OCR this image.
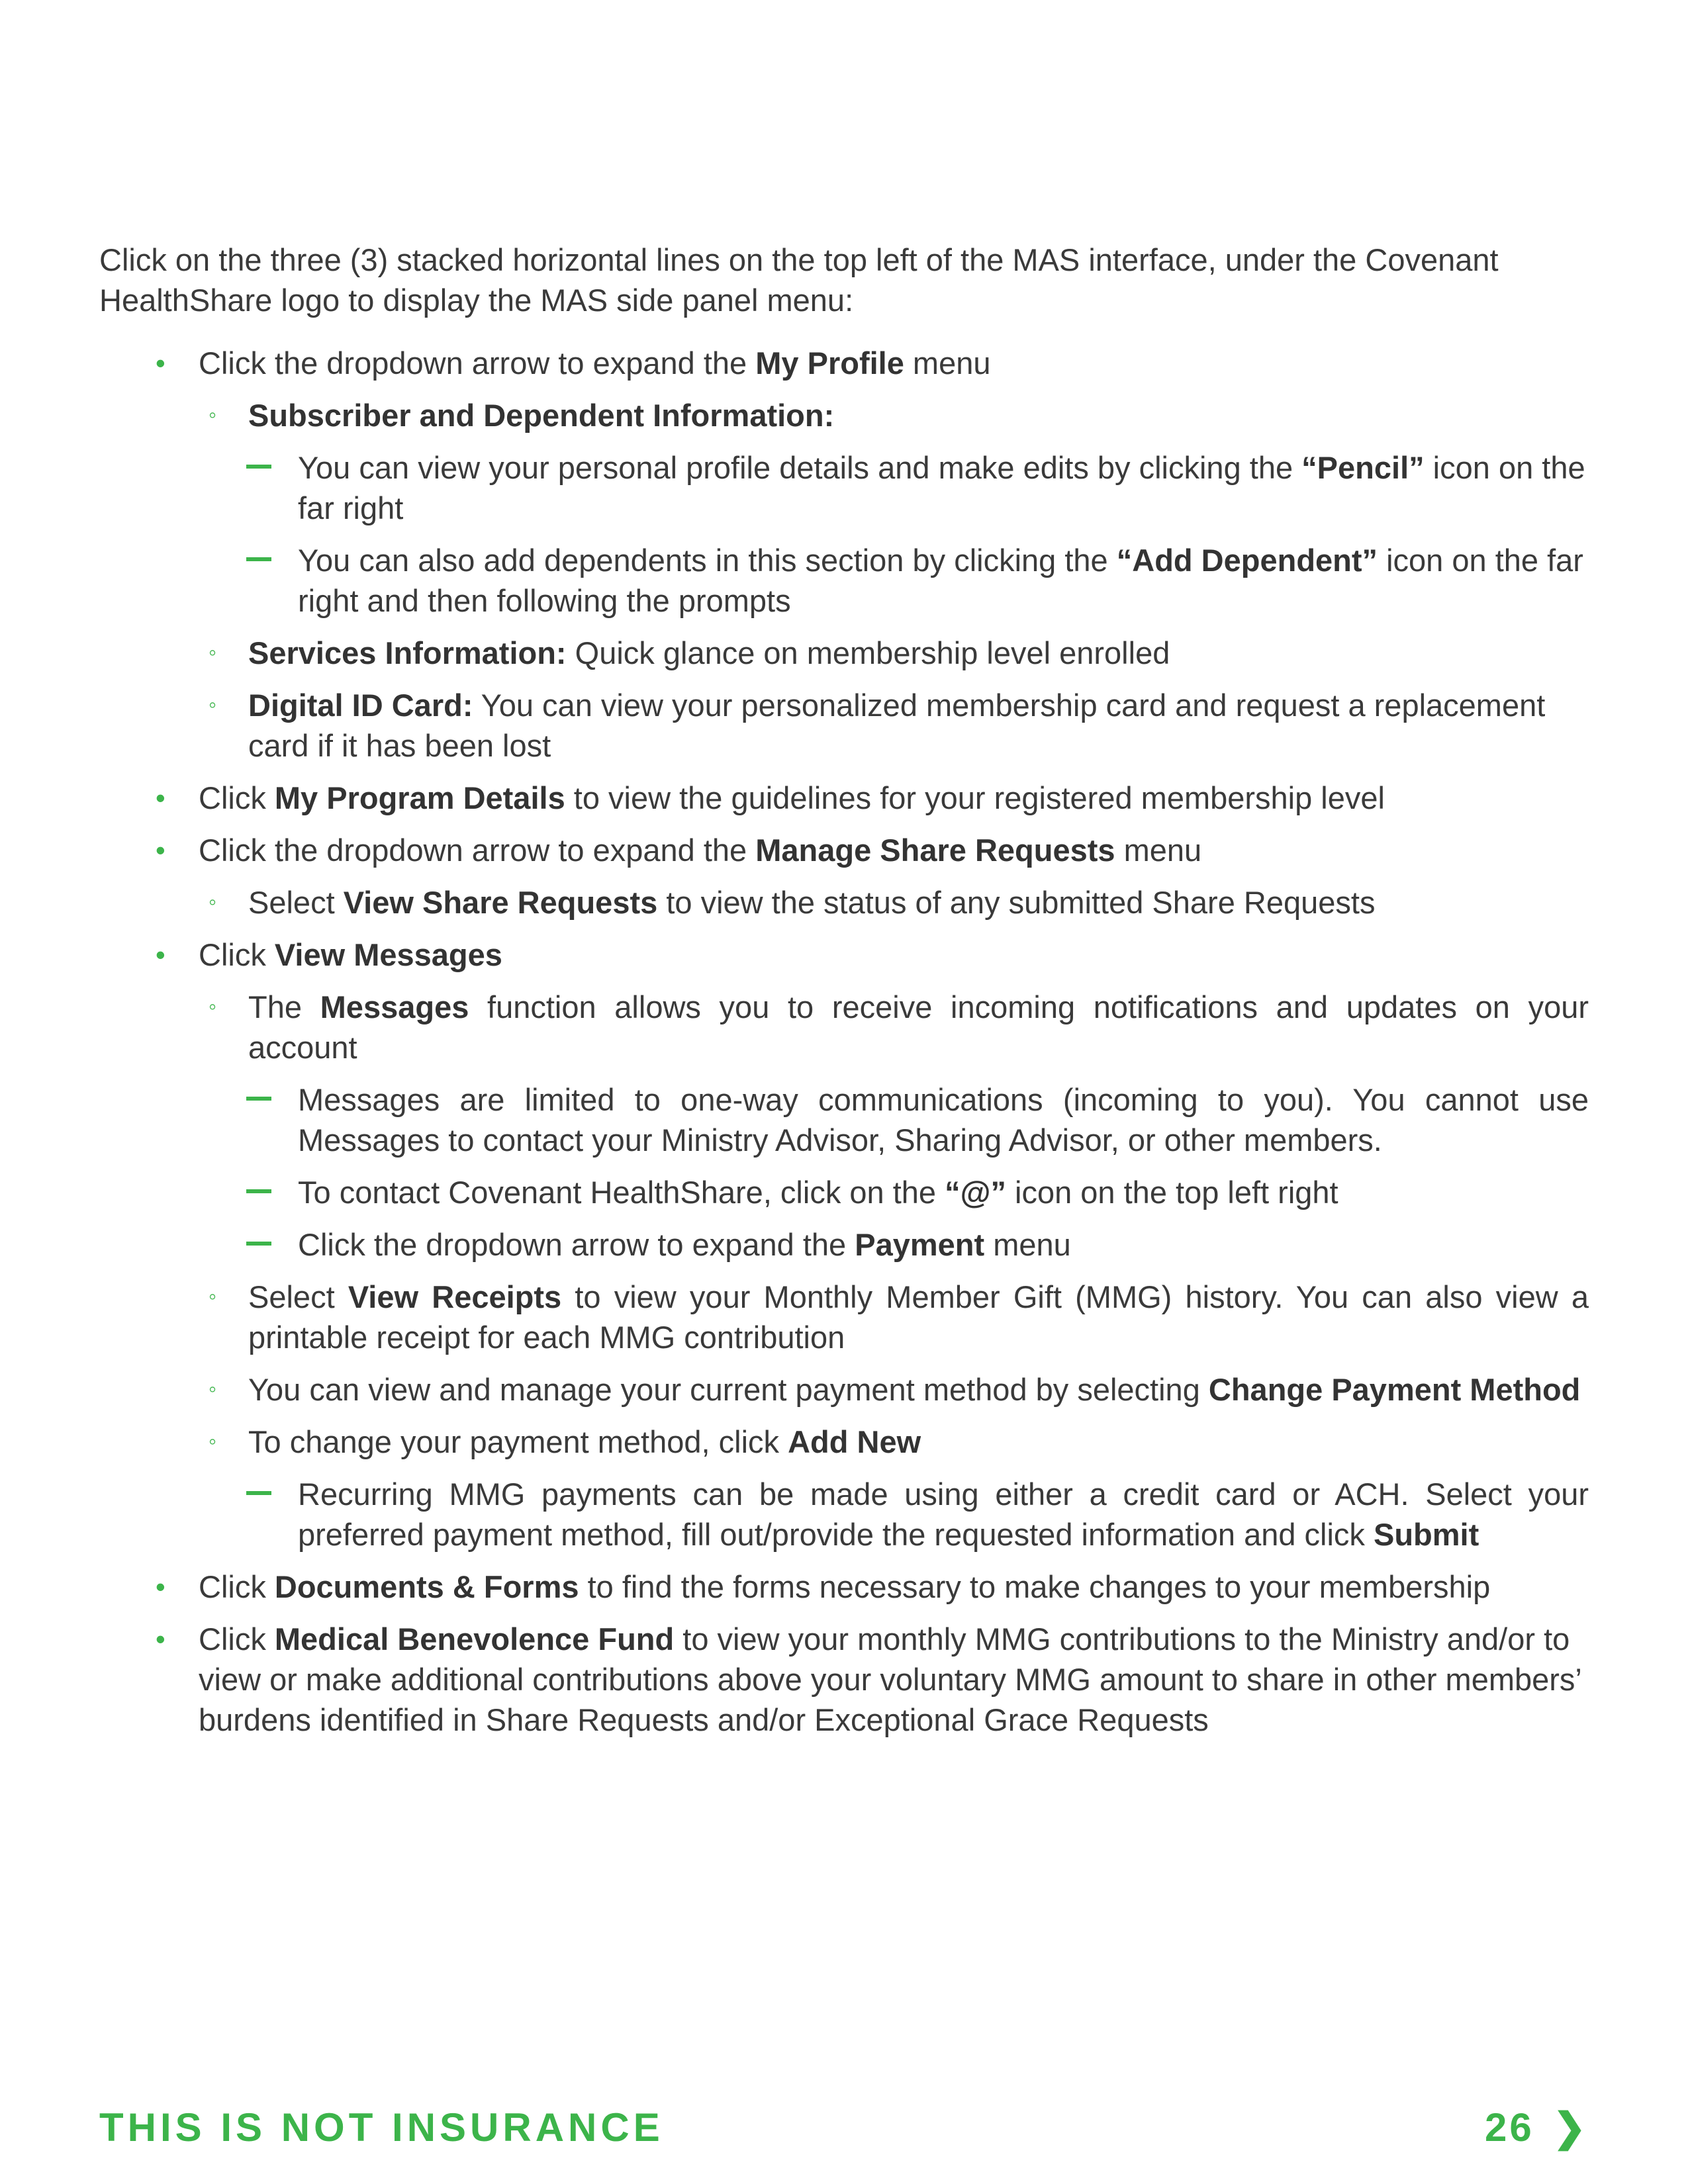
Click on the three (3) stacked horizontal lines on the top left of the MAS interface, under the Covenant HealthShare logo to display the MAS side panel menu:

• Click the dropdown arrow to expand the My Profile menu
◦ Subscriber and Dependent Information:
You can view your personal profile details and make edits by clicking the “Pencil” icon on the far right
You can also add dependents in this section by clicking the “Add Dependent” icon on the far right and then following the prompts
◦ Services Information: Quick glance on membership level enrolled
◦ Digital ID Card: You can view your personalized membership card and request a replacement card if it has been lost
• Click My Program Details to view the guidelines for your registered membership level
• Click the dropdown arrow to expand the Manage Share Requests menu
◦ Select View Share Requests to view the status of any submitted Share Requests
• Click View Messages
◦ The Messages function allows you to receive incoming notifications and updates on your account
Messages are limited to one-way communications (incoming to you). You cannot use Messages to contact your Ministry Advisor, Sharing Advisor, or other members.
To contact Covenant HealthShare, click on the “@” icon on the top left right
Click the dropdown arrow to expand the Payment menu
◦ Select View Receipts to view your Monthly Member Gift (MMG) history. You can also view a printable receipt for each MMG contribution
◦ You can view and manage your current payment method by selecting Change Payment Method
◦ To change your payment method, click Add New
Recurring MMG payments can be made using either a credit card or ACH. Select your preferred payment method, fill out/provide the requested information and click Submit
• Click Documents & Forms to find the forms necessary to make changes to your membership
• Click Medical Benevolence Fund to view your monthly MMG contributions to the Ministry and/or to view or make additional contributions above your voluntary MMG amount to share in other members’ burdens identified in Share Requests and/or Exceptional Grace Requests
THIS IS NOT INSURANCE	26 ❯
